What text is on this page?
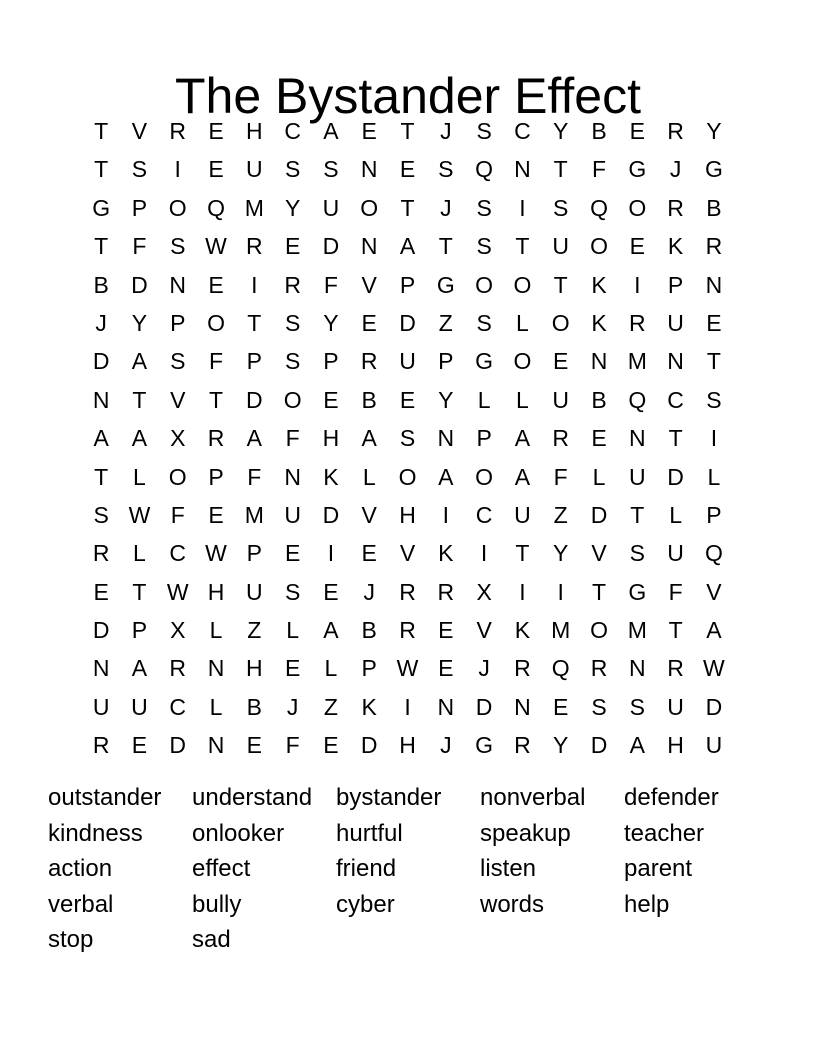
The Bystander Effect
T	V R E H C A E	T	J	S C Y B E R Y
T	S	I	E U S S N E S Q N T	F G	J	G
G P O Q M Y U O T	J	S	I	S Q O R B
T	F	S W R E D N A	T	S	T U O E K R
B D N E	I	R F	V P G O O T	K	I	P N
J	Y P O T	S Y E D Z	S	L O K R U E
D A S	F	P S P R U P G O E N M N T
N T	V	T D O E B E Y	L	L	U B Q C S
A A X R A	F H A S N P A R E N T	I
T	L O P	F N K	L O A O A	F	L	U D	L
S W F	E M U D V H	I	C U Z D T	L	P
R	L	C W P E	I	E V K	I	T	Y V S U Q
E	T W H U S E	J	R R X	I	I	T G F	V
D P X	L	Z	L	A B R E V K M O M T	A
N A R N H E	L	P W E	J	R Q R N R W
U U C	L	B	J	Z	K	I	N D N E S S U D
R E D N E	F	E D H	J	G R Y D A H U
outstander	understand bystander	nonverbal	defender
kindness	onlooker	hurtful	speakup	teacher
action	effect	friend	listen	parent
verbal	bully	cyber	words	help
stop	sad
